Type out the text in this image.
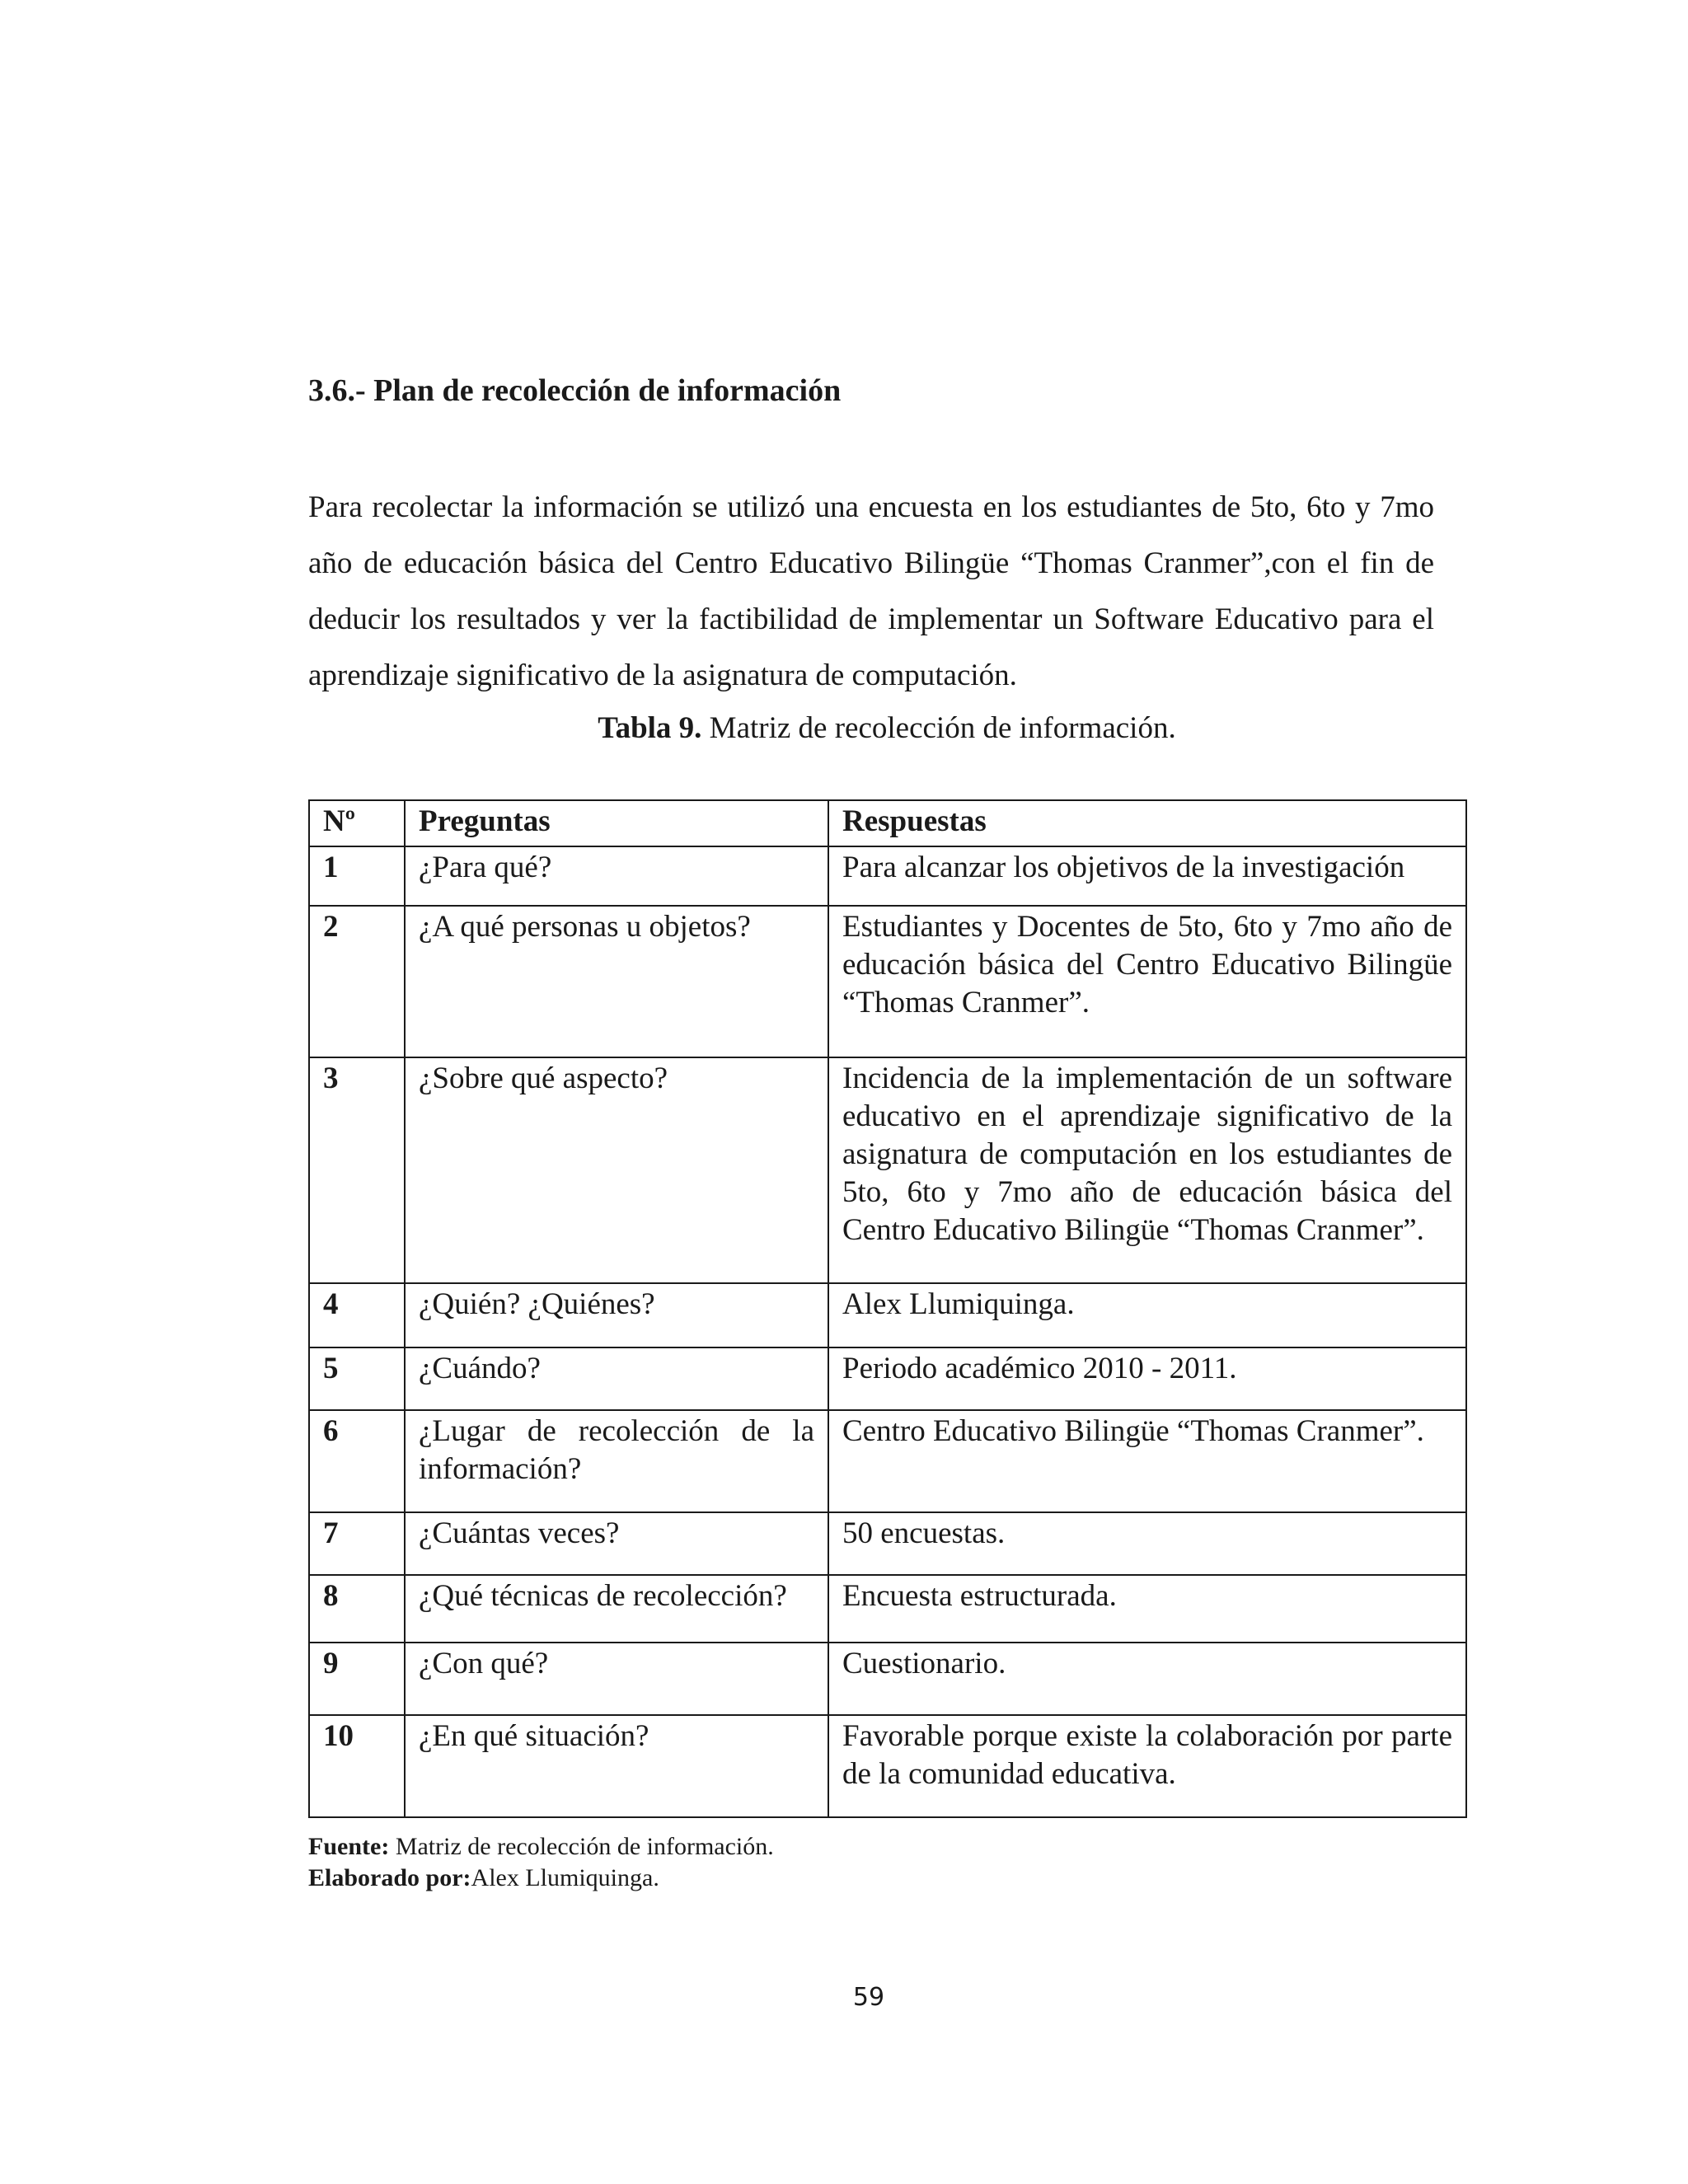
3.6.- Plan de recolección de información

Para recolectar la información se utilizó una encuesta en los estudiantes de 5to, 6to y 7mo año de educación básica del Centro Educativo Bilingüe “Thomas Cranmer”,con el fin de deducir los resultados y ver la factibilidad de implementar un Software Educativo para el aprendizaje significativo de la asignatura de computación.

Tabla 9. Matriz de recolección de información.

Nº	Preguntas	Respuestas
1	¿Para qué?	Para alcanzar los objetivos de la investigación
2	¿A qué personas u objetos?	Estudiantes y Docentes de 5to, 6to y 7mo año de educación básica del Centro Educativo Bilingüe “Thomas Cranmer”.
3	¿Sobre qué aspecto?	Incidencia de la implementación de un software educativo en el aprendizaje significativo de la asignatura de computación en los estudiantes de 5to, 6to y 7mo año de educación básica del Centro Educativo Bilingüe “Thomas Cranmer”.
4	¿Quién? ¿Quiénes?	Alex Llumiquinga.
5	¿Cuándo?	Periodo académico 2010 - 2011.
6	¿Lugar de recolección de la información?	Centro Educativo Bilingüe “Thomas Cranmer”.
7	¿Cuántas veces?	50 encuestas.
8	¿Qué técnicas de recolección?	Encuesta estructurada.
9	¿Con qué?	Cuestionario.
10	¿En qué situación?	Favorable porque existe la colaboración por parte de la comunidad educativa.
Fuente: Matriz de recolección de información.
Elaborado por:Alex Llumiquinga.
59
